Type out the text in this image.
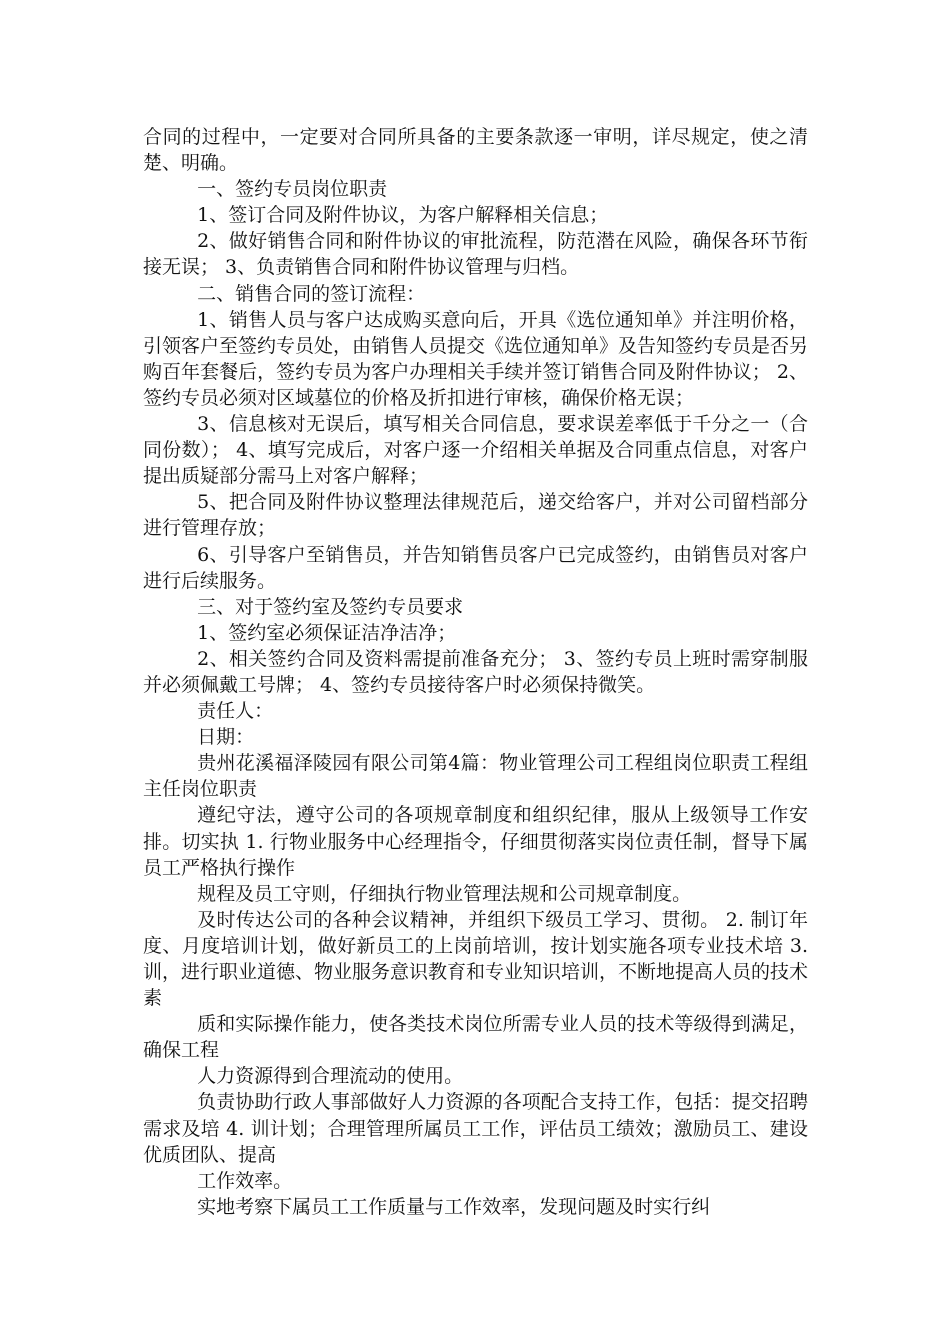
合同的过程中，一定要对合同所具备的主要条款逐一审明，详尽规定，使之清楚、明确。

一、签约专员岗位职责

1、签订合同及附件协议，为客户解释相关信息；

2、做好销售合同和附件协议的审批流程，防范潜在风险，确保各环节衔接无误； 3、负责销售合同和附件协议管理与归档。

二、销售合同的签订流程：

1、销售人员与客户达成购买意向后，开具《选位通知单》并注明价格，引领客户至签约专员处，由销售人员提交《选位通知单》及告知签约专员是否另购百年套餐后，签约专员为客户办理相关手续并签订销售合同及附件协议； 2、签约专员必须对区域墓位的价格及折扣进行审核，确保价格无误；

3、信息核对无误后，填写相关合同信息，要求误差率低于千分之一（合同份数）； 4、填写完成后，对客户逐一介绍相关单据及合同重点信息，对客户提出质疑部分需马上对客户解释；

5、把合同及附件协议整理法律规范后，递交给客户，并对公司留档部分进行管理存放；

6、引导客户至销售员，并告知销售员客户已完成签约，由销售员对客户进行后续服务。

三、对于签约室及签约专员要求

1、签约室必须保证洁净洁净；

2、相关签约合同及资料需提前准备充分； 3、签约专员上班时需穿制服并必须佩戴工号牌； 4、签约专员接待客户时必须保持微笑。

责任人：

日期：

贵州花溪福泽陵园有限公司第4篇：物业管理公司工程组岗位职责工程组主任岗位职责

遵纪守法，遵守公司的各项规章制度和组织纪律，服从上级领导工作安排。切实执 1. 行物业服务中心经理指令，仔细贯彻落实岗位责任制，督导下属员工严格执行操作

规程及员工守则，仔细执行物业管理法规和公司规章制度。

及时传达公司的各种会议精神，并组织下级员工学习、贯彻。 2. 制订年度、月度培训计划，做好新员工的上岗前培训，按计划实施各项专业技术培 3. 训，进行职业道德、物业服务意识教育和专业知识培训，不断地提高人员的技术素

质和实际操作能力，使各类技术岗位所需专业人员的技术等级得到满足，确保工程

人力资源得到合理流动的使用。

负责协助行政人事部做好人力资源的各项配合支持工作，包括：提交招聘需求及培 4. 训计划；合理管理所属员工工作，评估员工绩效；激励员工、建设优质团队、提高

工作效率。

实地考察下属员工工作质量与工作效率，发现问题及时实行纠
